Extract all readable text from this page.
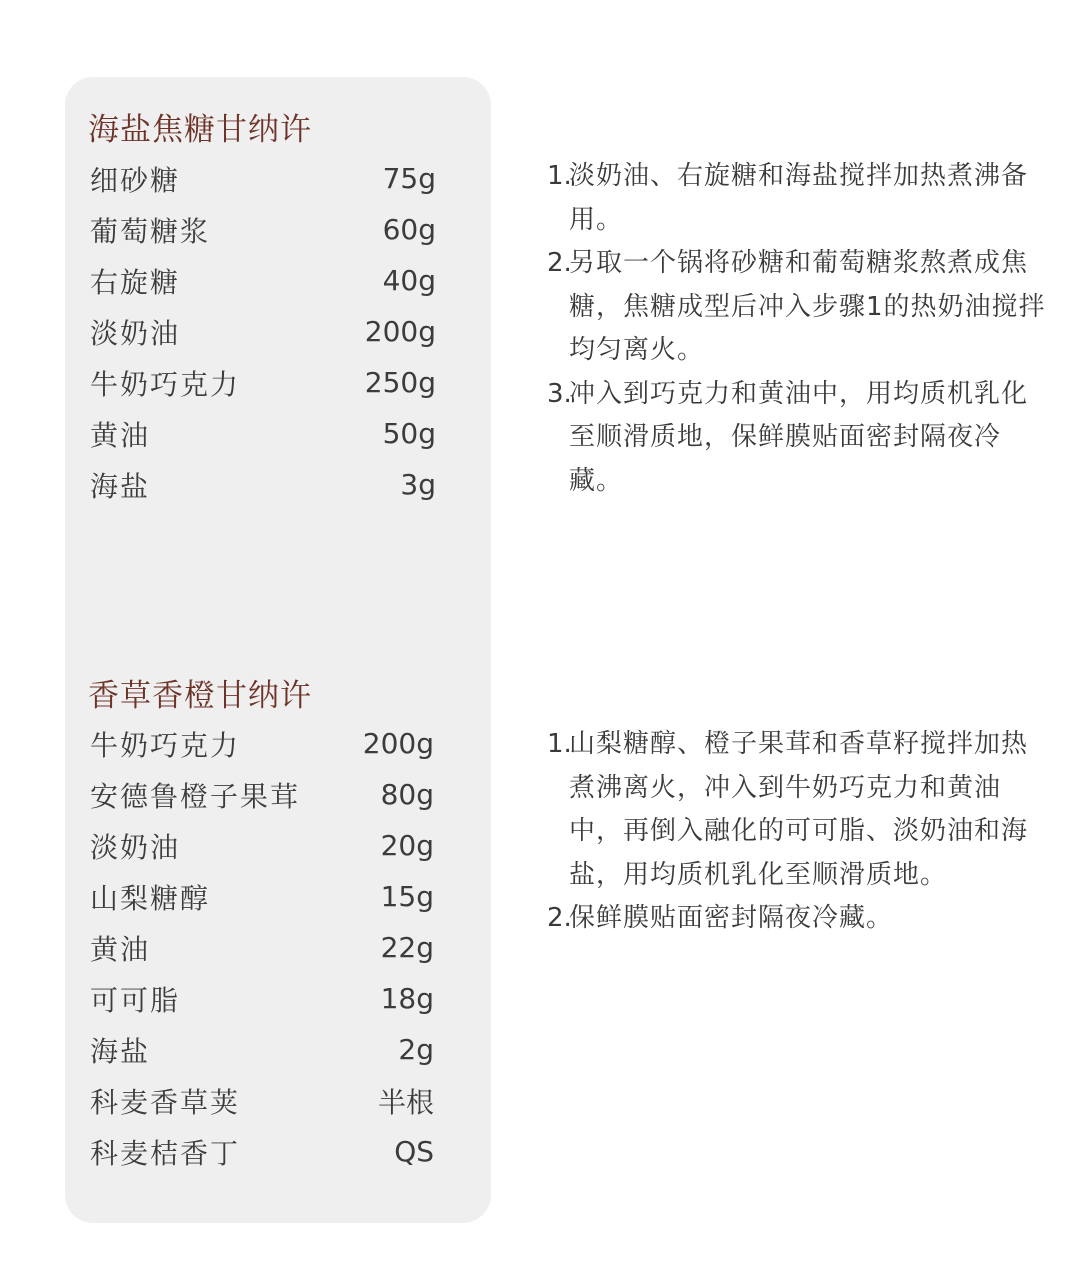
海盐焦糖甘纳许
细砂糖	75g
葡萄糖浆	60g
右旋糖	40g
淡奶油	200g
牛奶巧克力	250g
黄油	50g
海盐	3g
1.
淡奶油、右旋糖和海盐搅拌加热煮沸备用。
2.
另取一个锅将砂糖和葡萄糖浆熬煮成焦糖，焦糖成型后冲入步骤1的热奶油搅拌均匀离火。
3.
冲入到巧克力和黄油中，用均质机乳化至顺滑质地，保鲜膜贴面密封隔夜冷藏。
香草香橙甘纳许
牛奶巧克力	200g
安德鲁橙子果茸	80g
淡奶油	20g
山梨糖醇	15g
黄油	22g
可可脂	18g
海盐	2g
科麦香草荚	半根
科麦桔香丁	QS
1.
山梨糖醇、橙子果茸和香草籽搅拌加热煮沸离火，冲入到牛奶巧克力和黄油中，再倒入融化的可可脂、淡奶油和海盐，用均质机乳化至顺滑质地。
2.
保鲜膜贴面密封隔夜冷藏。
